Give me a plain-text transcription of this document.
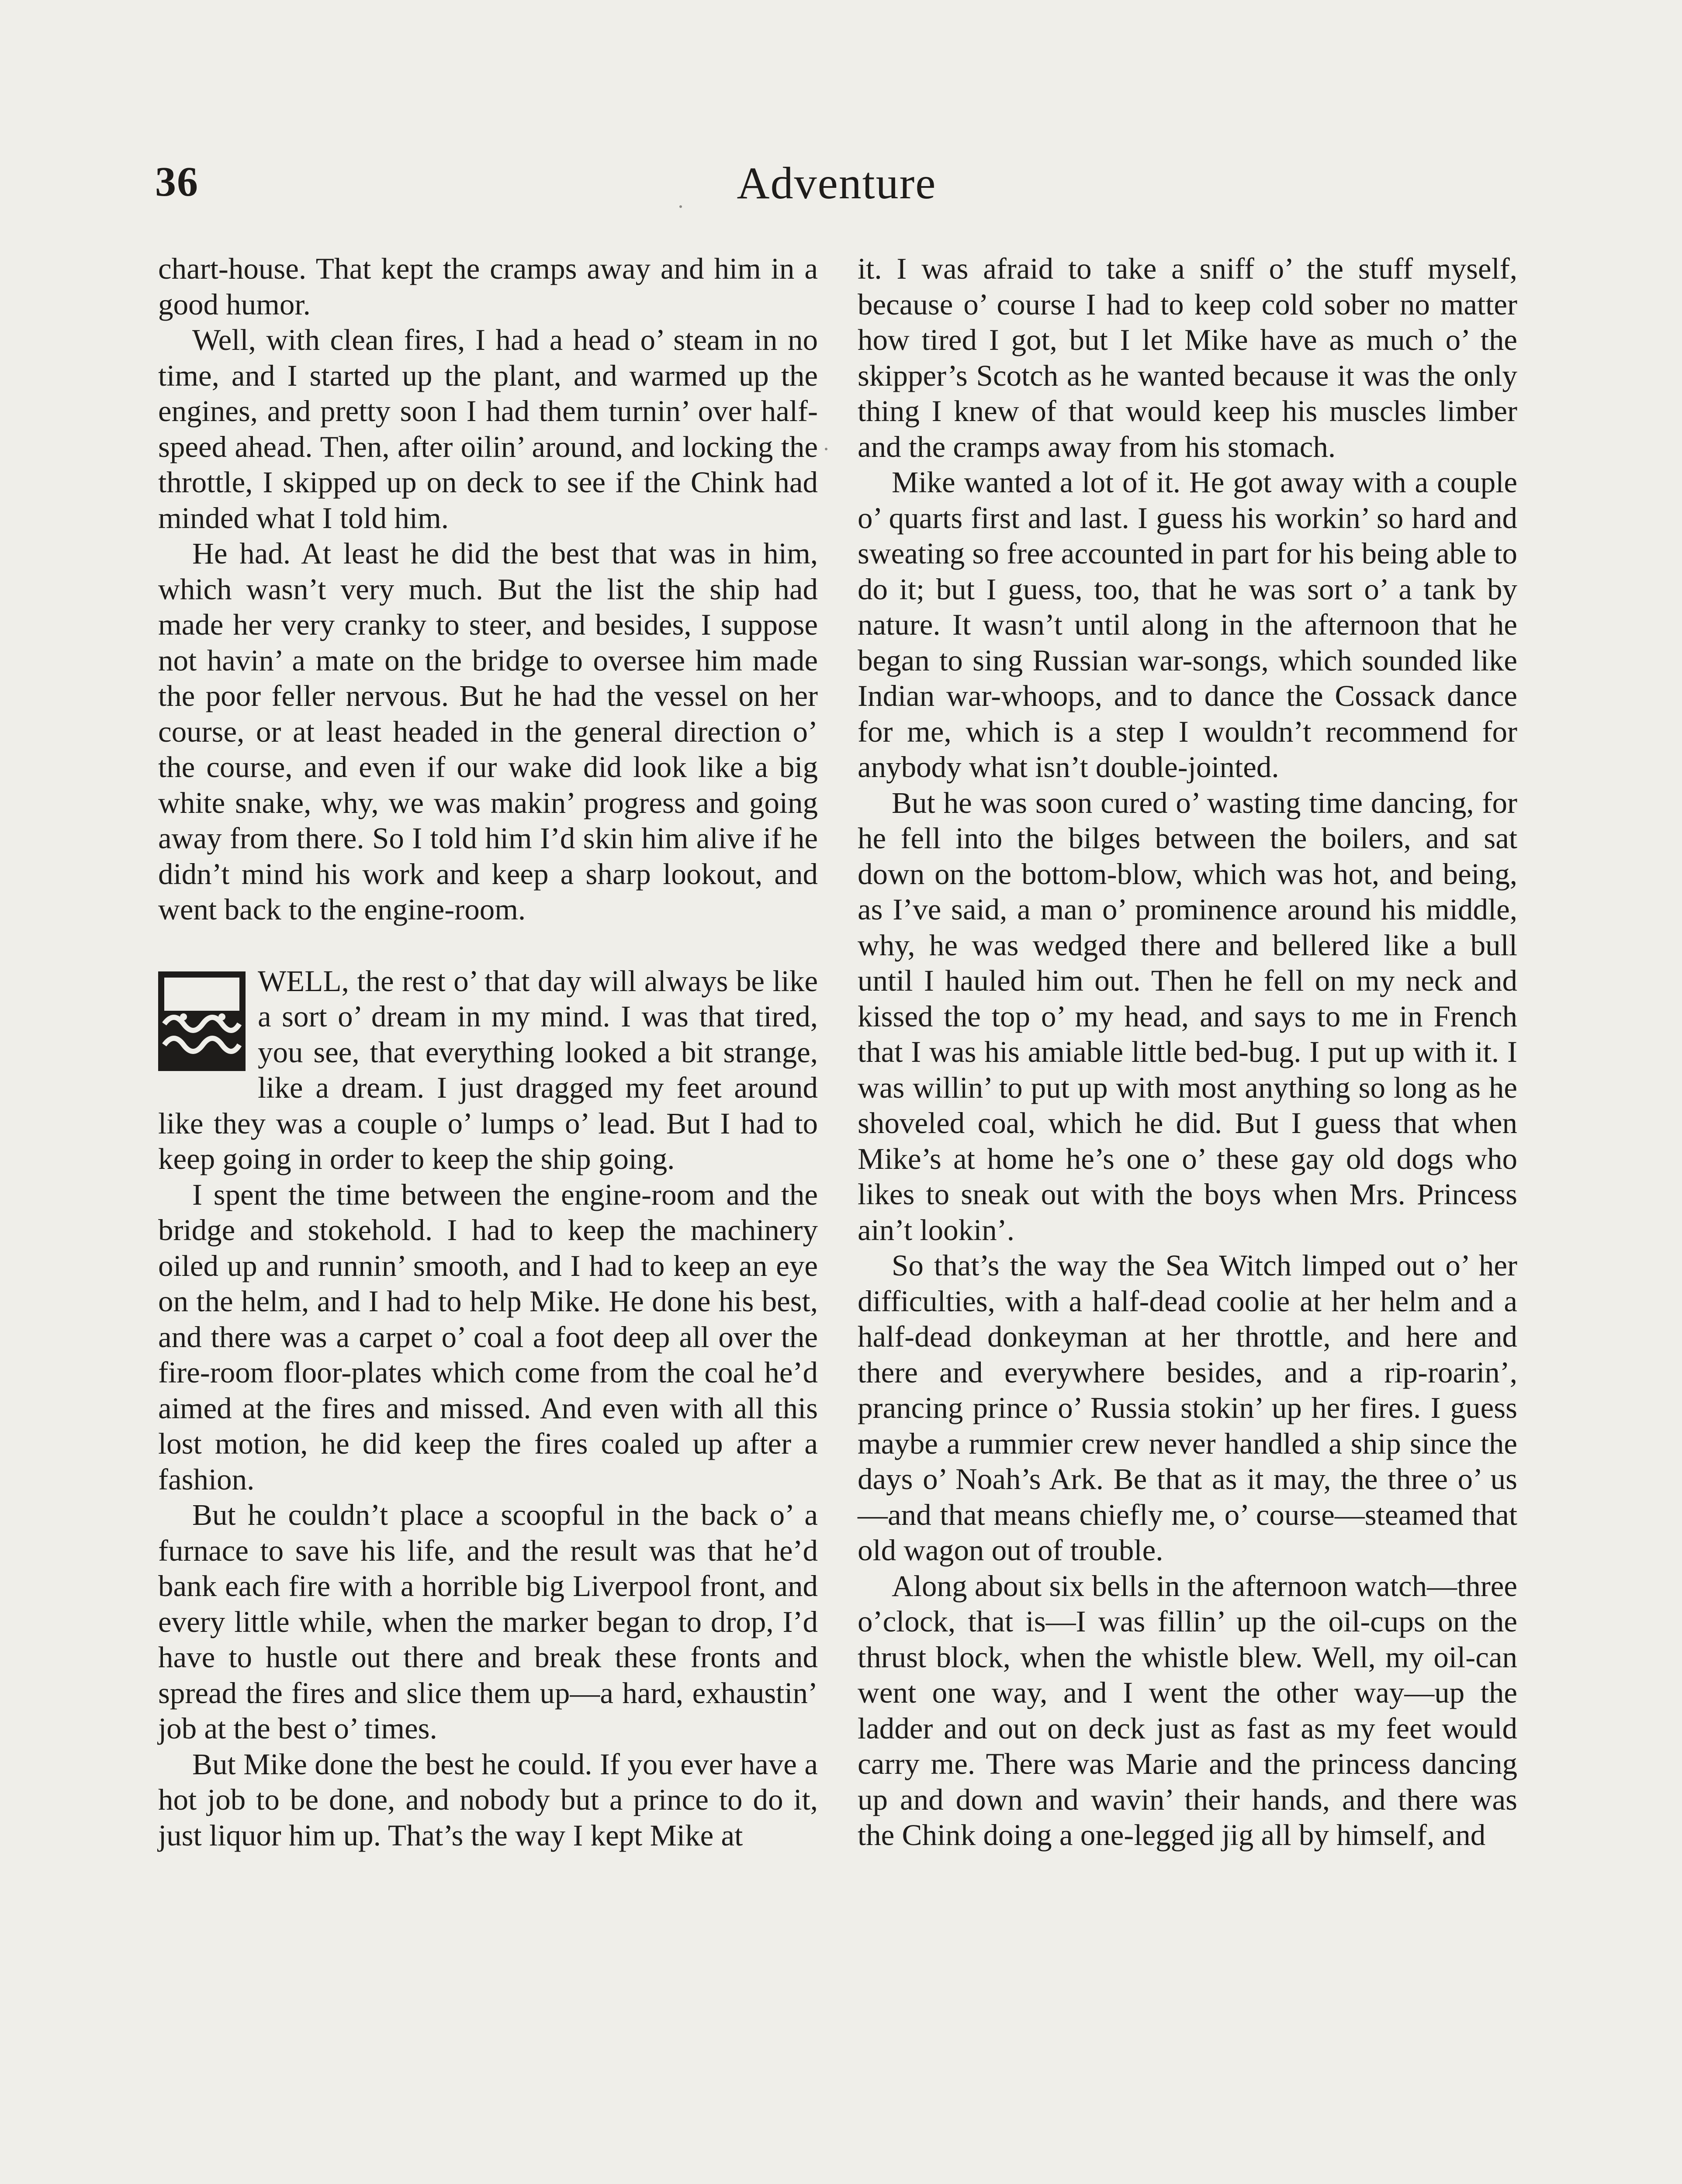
36	Adventure

chart-house. That kept the cramps away and him in a good humor.

Well, with clean fires, I had a head o’ steam in no time, and I started up the plant, and warmed up the engines, and pretty soon I had them turnin’ over half-speed ahead. Then, after oilin’ around, and locking the throttle, I skipped up on deck to see if the Chink had minded what I told him.

He had. At least he did the best that was in him, which wasn’t very much. But the list the ship had made her very cranky to steer, and besides, I suppose not havin’ a mate on the bridge to oversee him made the poor feller nervous. But he had the vessel on her course, or at least headed in the general direction o’ the course, and even if our wake did look like a big white snake, why, we was makin’ progress and going away from there. So I told him I’d skin him alive if he didn’t mind his work and keep a sharp lookout, and went back to the engine-room.

WELL, the rest o’ that day will always be like a sort o’ dream in my mind. I was that tired, you see, that everything looked a bit strange, like a dream. I just dragged my feet around like they was a couple o’ lumps o’ lead. But I had to keep going in order to keep the ship going.

I spent the time between the engine-room and the bridge and stokehold. I had to keep the machinery oiled up and runnin’ smooth, and I had to keep an eye on the helm, and I had to help Mike. He done his best, and there was a carpet o’ coal a foot deep all over the fire-room floor-plates which come from the coal he’d aimed at the fires and missed. And even with all this lost motion, he did keep the fires coaled up after a fashion.

But he couldn’t place a scoopful in the back o’ a furnace to save his life, and the result was that he’d bank each fire with a horrible big Liverpool front, and every little while, when the marker began to drop, I’d have to hustle out there and break these fronts and spread the fires and slice them up—a hard, exhaustin’ job at the best o’ times.

But Mike done the best he could. If you ever have a hot job to be done, and nobody but a prince to do it, just liquor him up. That’s the way I kept Mike at

it. I was afraid to take a sniff o’ the stuff myself, because o’ course I had to keep cold sober no matter how tired I got, but I let Mike have as much o’ the skipper’s Scotch as he wanted because it was the only thing I knew of that would keep his muscles limber and the cramps away from his stomach.

Mike wanted a lot of it. He got away with a couple o’ quarts first and last. I guess his workin’ so hard and sweating so free accounted in part for his being able to do it; but I guess, too, that he was sort o’ a tank by nature. It wasn’t until along in the afternoon that he began to sing Russian war-songs, which sounded like Indian war-whoops, and to dance the Cossack dance for me, which is a step I wouldn’t recommend for anybody what isn’t double-jointed.

But he was soon cured o’ wasting time dancing, for he fell into the bilges between the boilers, and sat down on the bottom-blow, which was hot, and being, as I’ve said, a man o’ prominence around his middle, why, he was wedged there and bellered like a bull until I hauled him out. Then he fell on my neck and kissed the top o’ my head, and says to me in French that I was his amiable little bed-bug. I put up with it. I was willin’ to put up with most anything so long as he shoveled coal, which he did. But I guess that when Mike’s at home he’s one o’ these gay old dogs who likes to sneak out with the boys when Mrs. Princess ain’t lookin’.

So that’s the way the Sea Witch limped out o’ her difficulties, with a half-dead coolie at her helm and a half-dead donkeyman at her throttle, and here and there and everywhere besides, and a rip-roarin’, prancing prince o’ Russia stokin’ up her fires. I guess maybe a rummier crew never handled a ship since the days o’ Noah’s Ark. Be that as it may, the three o’ us—and that means chiefly me, o’ course—steamed that old wagon out of trouble.

Along about six bells in the afternoon watch—three o’clock, that is—I was fillin’ up the oil-cups on the thrust block, when the whistle blew. Well, my oil-can went one way, and I went the other way—up the ladder and out on deck just as fast as my feet would carry me. There was Marie and the princess dancing up and down and wavin’ their hands, and there was the Chink doing a one-legged jig all by himself, and
